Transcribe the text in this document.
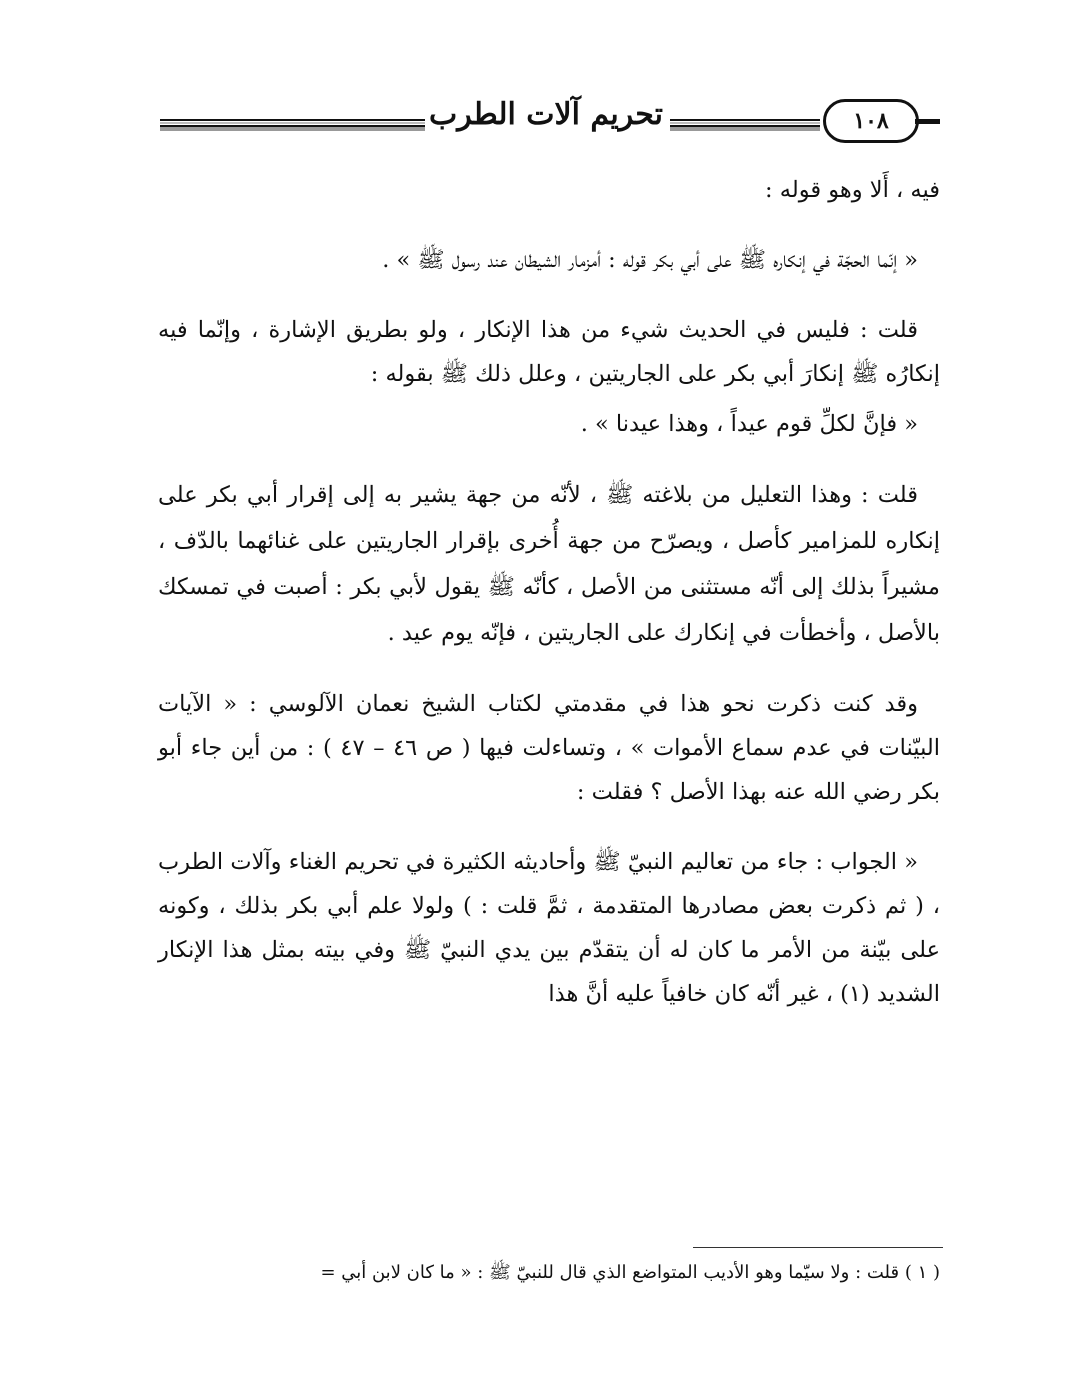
تحريم آلات الطرب	١٠٨

فيه ، أَلا وهو قوله :

« إنّما الحجّة في إنكاره ﷺ على أبي بكر قوله : أمزمار الشيطان عند رسول ﷺ » .

قلت : فليس في الحديث شيء من هذا الإنكار ، ولو بطريق الإشارة ، وإنّما فيه إنكارُه ﷺ إنكارَ أبي بكر على الجاريتين ، وعلل ذلك ﷺ بقوله :

« فإنَّ لكلِّ قوم عيداً ، وهذا عيدنا » .

قلت : وهذا التعليل من بلاغته ﷺ ، لأنّه من جهة يشير به إلى إقرار أبي بكر على إنكاره للمزامير كأصل ، ويصرّح من جهة أُخرى بإقرار الجاريتين على غنائهما بالدّف ، مشيراً بذلك إلى أنّه مستثنى من الأصل ، كأنّه ﷺ يقول لأبي بكر : أصبت في تمسكك بالأصل ، وأخطأت في إنكارك على الجاريتين ، فإنّه يوم عيد .

وقد كنت ذكرت نحو هذا في مقدمتي لكتاب الشيخ نعمان الآلوسي : « الآيات البيّنات في عدم سماع الأموات » ، وتساءلت فيها ( ص ٤٦ – ٤٧ ) : من أين جاء أبو بكر رضي الله عنه بهذا الأصل ؟ فقلت :

« الجواب : جاء من تعاليم النبيّ ﷺ وأحاديثه الكثيرة في تحريم الغناء وآلات الطرب ، ( ثم ذكرت بعض مصادرها المتقدمة ، ثمَّ قلت : ) ولولا علم أبي بكر بذلك ، وكونه على بيّنة من الأمر ما كان له أن يتقدّم بين يدي النبيّ ﷺ وفي بيته بمثل هذا الإنكار الشديد (١) ، غير أنّه كان خافياً عليه أنَّ هذا

( ١ ) قلت : ولا سيّما وهو الأديب المتواضع الذي قال للنبيّ ﷺ : « ما كان لابن أبي =
